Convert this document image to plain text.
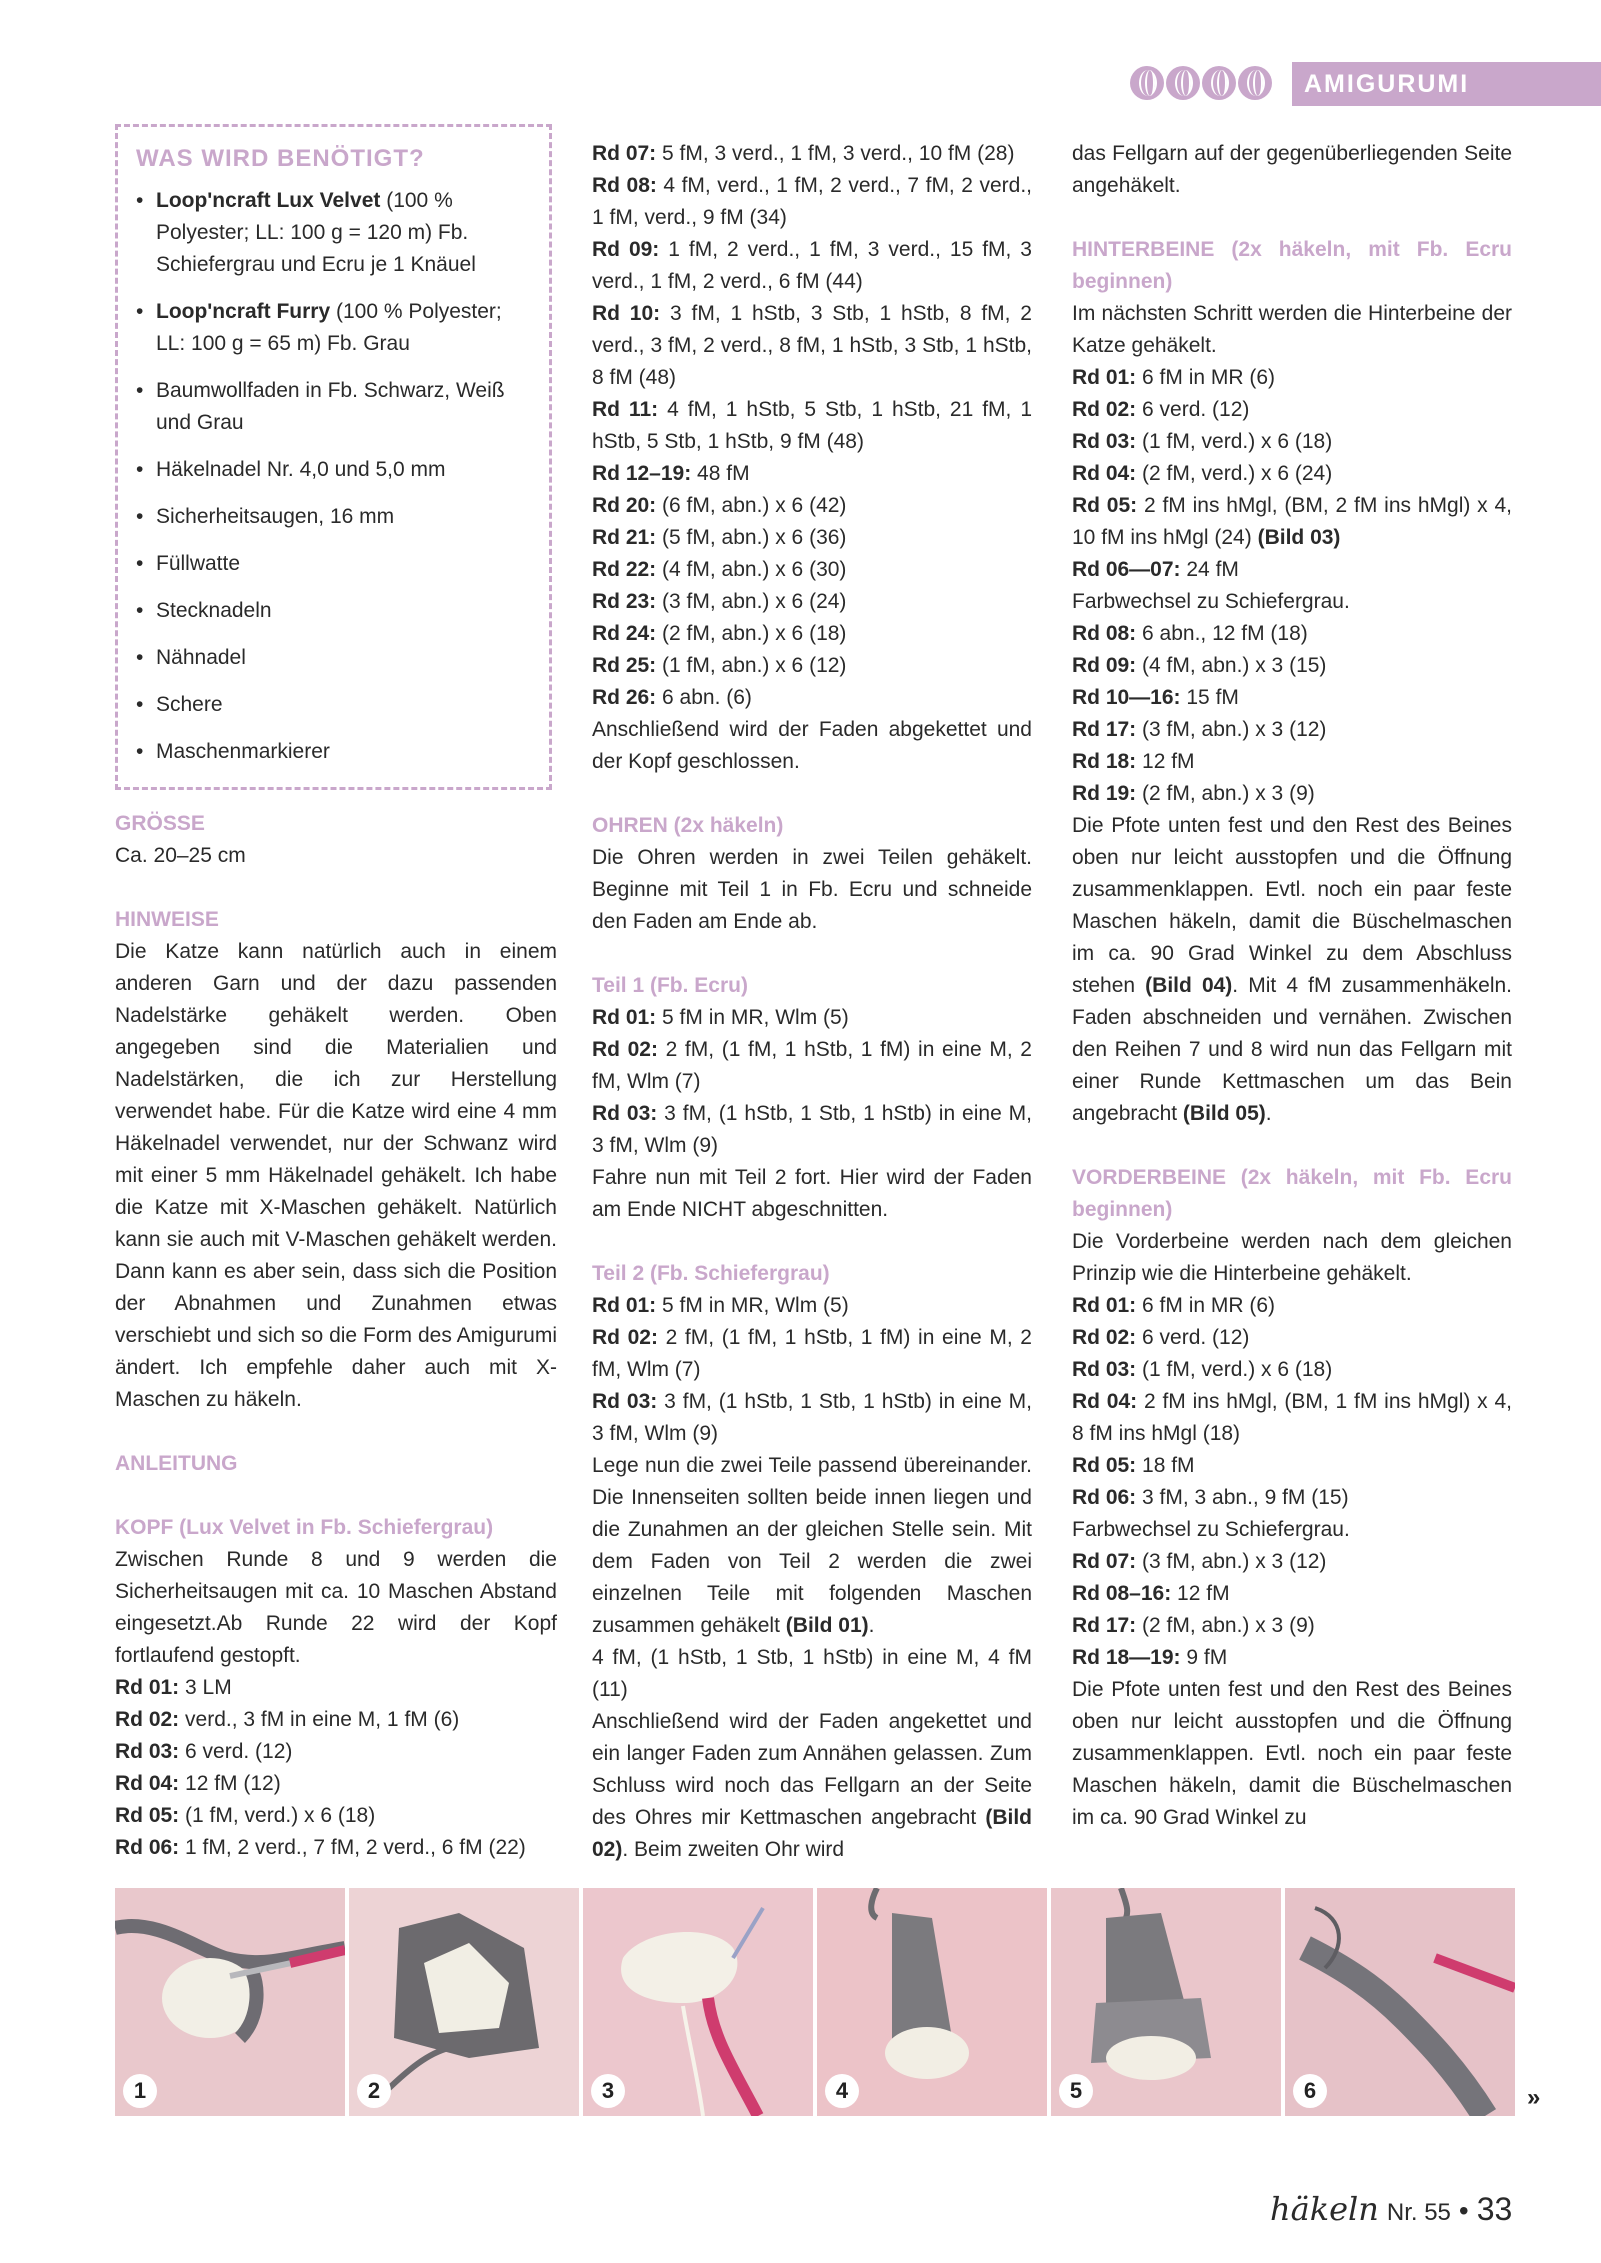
AMIGURUMI

WAS WIRD BENÖTIGT?

• Loop'ncraft Lux Velvet (100 % Polyester; LL: 100 g = 120 m) Fb. Schiefergrau und Ecru je 1 Knäuel
• Loop'ncraft Furry (100 % Polyester; LL: 100 g = 65 m) Fb. Grau
• Baumwollfaden in Fb. Schwarz, Weiß und Grau
• Häkelnadel Nr. 4,0 und 5,0 mm
• Sicherheitsaugen, 16 mm
• Füllwatte
• Stecknadeln
• Nähnadel
• Schere
• Maschenmarkierer

GRÖSSE

Ca. 20–25 cm

HINWEISE

Die Katze kann natürlich auch in einem anderen Garn und der dazu passenden Nadelstärke gehäkelt werden. Oben angegeben sind die Materialien und Nadelstärken, die ich zur Herstellung verwendet habe. Für die Katze wird eine 4 mm Häkelnadel verwendet, nur der Schwanz wird mit einer 5 mm Häkelnadel gehäkelt. Ich habe die Katze mit X-Maschen gehäkelt. Natürlich kann sie auch mit V-Maschen gehäkelt werden. Dann kann es aber sein, dass sich die Position der Abnahmen und Zunahmen etwas verschiebt und sich so die Form des Amigurumi ändert. Ich empfehle daher auch mit X-Maschen zu häkeln.

ANLEITUNG

KOPF (Lux Velvet in Fb. Schiefergrau)

Zwischen Runde 8 und 9 werden die Sicherheitsaugen mit ca. 10 Maschen Abstand eingesetzt.Ab Runde 22 wird der Kopf fortlaufend gestopft.

Rd 01: 3 LM

Rd 02: verd., 3 fM in eine M, 1 fM (6)

Rd 03: 6 verd. (12)

Rd 04: 12 fM (12)

Rd 05: (1 fM, verd.) x 6 (18)

Rd 06: 1 fM, 2 verd., 7 fM, 2 verd., 6 fM (22)

Rd 07: 5 fM, 3 verd., 1 fM, 3 verd., 10 fM (28)

Rd 08: 4 fM, verd., 1 fM, 2 verd., 7 fM, 2 verd., 1 fM, verd., 9 fM (34)

Rd 09: 1 fM, 2 verd., 1 fM, 3 verd., 15 fM, 3 verd., 1 fM, 2 verd., 6 fM (44)

Rd 10: 3 fM, 1 hStb, 3 Stb, 1 hStb, 8 fM, 2 verd., 3 fM, 2 verd., 8 fM, 1 hStb, 3 Stb, 1 hStb, 8 fM (48)

Rd 11: 4 fM, 1 hStb, 5 Stb, 1 hStb, 21 fM, 1 hStb, 5 Stb, 1 hStb, 9 fM (48)

Rd 12–19: 48 fM

Rd 20: (6 fM, abn.) x 6 (42)

Rd 21: (5 fM, abn.) x 6 (36)

Rd 22: (4 fM, abn.) x 6 (30)

Rd 23: (3 fM, abn.) x 6 (24)

Rd 24: (2 fM, abn.) x 6 (18)

Rd 25: (1 fM, abn.) x 6 (12)

Rd 26: 6 abn. (6)

Anschließend wird der Faden abgekettet und der Kopf geschlossen.

OHREN (2x häkeln)

Die Ohren werden in zwei Teilen gehäkelt. Beginne mit Teil 1 in Fb. Ecru und schneide den Faden am Ende ab.

Teil 1 (Fb. Ecru)

Rd 01: 5 fM in MR, Wlm (5)

Rd 02: 2 fM, (1 fM, 1 hStb, 1 fM) in eine M, 2 fM, Wlm (7)

Rd 03: 3 fM, (1 hStb, 1 Stb, 1 hStb) in eine M, 3 fM, Wlm (9)

Fahre nun mit Teil 2 fort. Hier wird der Faden am Ende NICHT abgeschnitten.

Teil 2 (Fb. Schiefergrau)

Rd 01: 5 fM in MR, Wlm (5)

Rd 02: 2 fM, (1 fM, 1 hStb, 1 fM) in eine M, 2 fM, Wlm (7)

Rd 03: 3 fM, (1 hStb, 1 Stb, 1 hStb) in eine M, 3 fM, Wlm (9)

Lege nun die zwei Teile passend übereinander. Die Innenseiten sollten beide innen liegen und die Zunahmen an der gleichen Stelle sein. Mit dem Faden von Teil 2 werden die zwei einzelnen Teile mit folgenden Maschen zusammen gehäkelt (Bild 01).

4 fM, (1 hStb, 1 Stb, 1 hStb) in eine M, 4 fM (11)

Anschließend wird der Faden angekettet und ein langer Faden zum Annähen gelassen. Zum Schluss wird noch das Fellgarn an der Seite des Ohres mir Kettmaschen angebracht (Bild 02). Beim zweiten Ohr wird

das Fellgarn auf der gegenüberliegenden Seite angehäkelt.

HINTERBEINE (2x häkeln, mit Fb. Ecru beginnen)

Im nächsten Schritt werden die Hinterbeine der Katze gehäkelt.

Rd 01: 6 fM in MR (6)

Rd 02: 6 verd. (12)

Rd 03: (1 fM, verd.) x 6 (18)

Rd 04: (2 fM, verd.) x 6 (24)

Rd 05: 2 fM ins hMgl, (BM, 2 fM ins hMgl) x 4, 10 fM ins hMgl (24) (Bild 03)

Rd 06—07: 24 fM

Farbwechsel zu Schiefergrau.

Rd 08: 6 abn., 12 fM (18)

Rd 09: (4 fM, abn.) x 3 (15)

Rd 10—16: 15 fM

Rd 17: (3 fM, abn.) x 3 (12)

Rd 18: 12 fM

Rd 19: (2 fM, abn.) x 3 (9)

Die Pfote unten fest und den Rest des Beines oben nur leicht ausstopfen und die Öffnung zusammenklappen. Evtl. noch ein paar feste Maschen häkeln, damit die Büschelmaschen im ca. 90 Grad Winkel zu dem Abschluss stehen (Bild 04). Mit 4 fM zusammenhäkeln. Faden abschneiden und vernähen. Zwischen den Reihen 7 und 8 wird nun das Fellgarn mit einer Runde Kettmaschen um das Bein angebracht (Bild 05).

VORDERBEINE (2x häkeln, mit Fb. Ecru beginnen)

Die Vorderbeine werden nach dem gleichen Prinzip wie die Hinterbeine gehäkelt.

Rd 01: 6 fM in MR (6)

Rd 02: 6 verd. (12)

Rd 03: (1 fM, verd.) x 6 (18)

Rd 04: 2 fM ins hMgl, (BM, 1 fM ins hMgl) x 4, 8 fM ins hMgl (18)

Rd 05: 18 fM

Rd 06: 3 fM, 3 abn., 9 fM (15)

Farbwechsel zu Schiefergrau.

Rd 07: (3 fM, abn.) x 3 (12)

Rd 08–16: 12 fM

Rd 17: (2 fM, abn.) x 3 (9)

Rd 18—19: 9 fM

Die Pfote unten fest und den Rest des Beines oben nur leicht ausstopfen und die Öffnung zusammenklappen. Evtl. noch ein paar feste Maschen häkeln, damit die Büschelmaschen im ca. 90 Grad Winkel zu

1	2	3	4	5	6	»
häkeln Nr. 55 • 33
